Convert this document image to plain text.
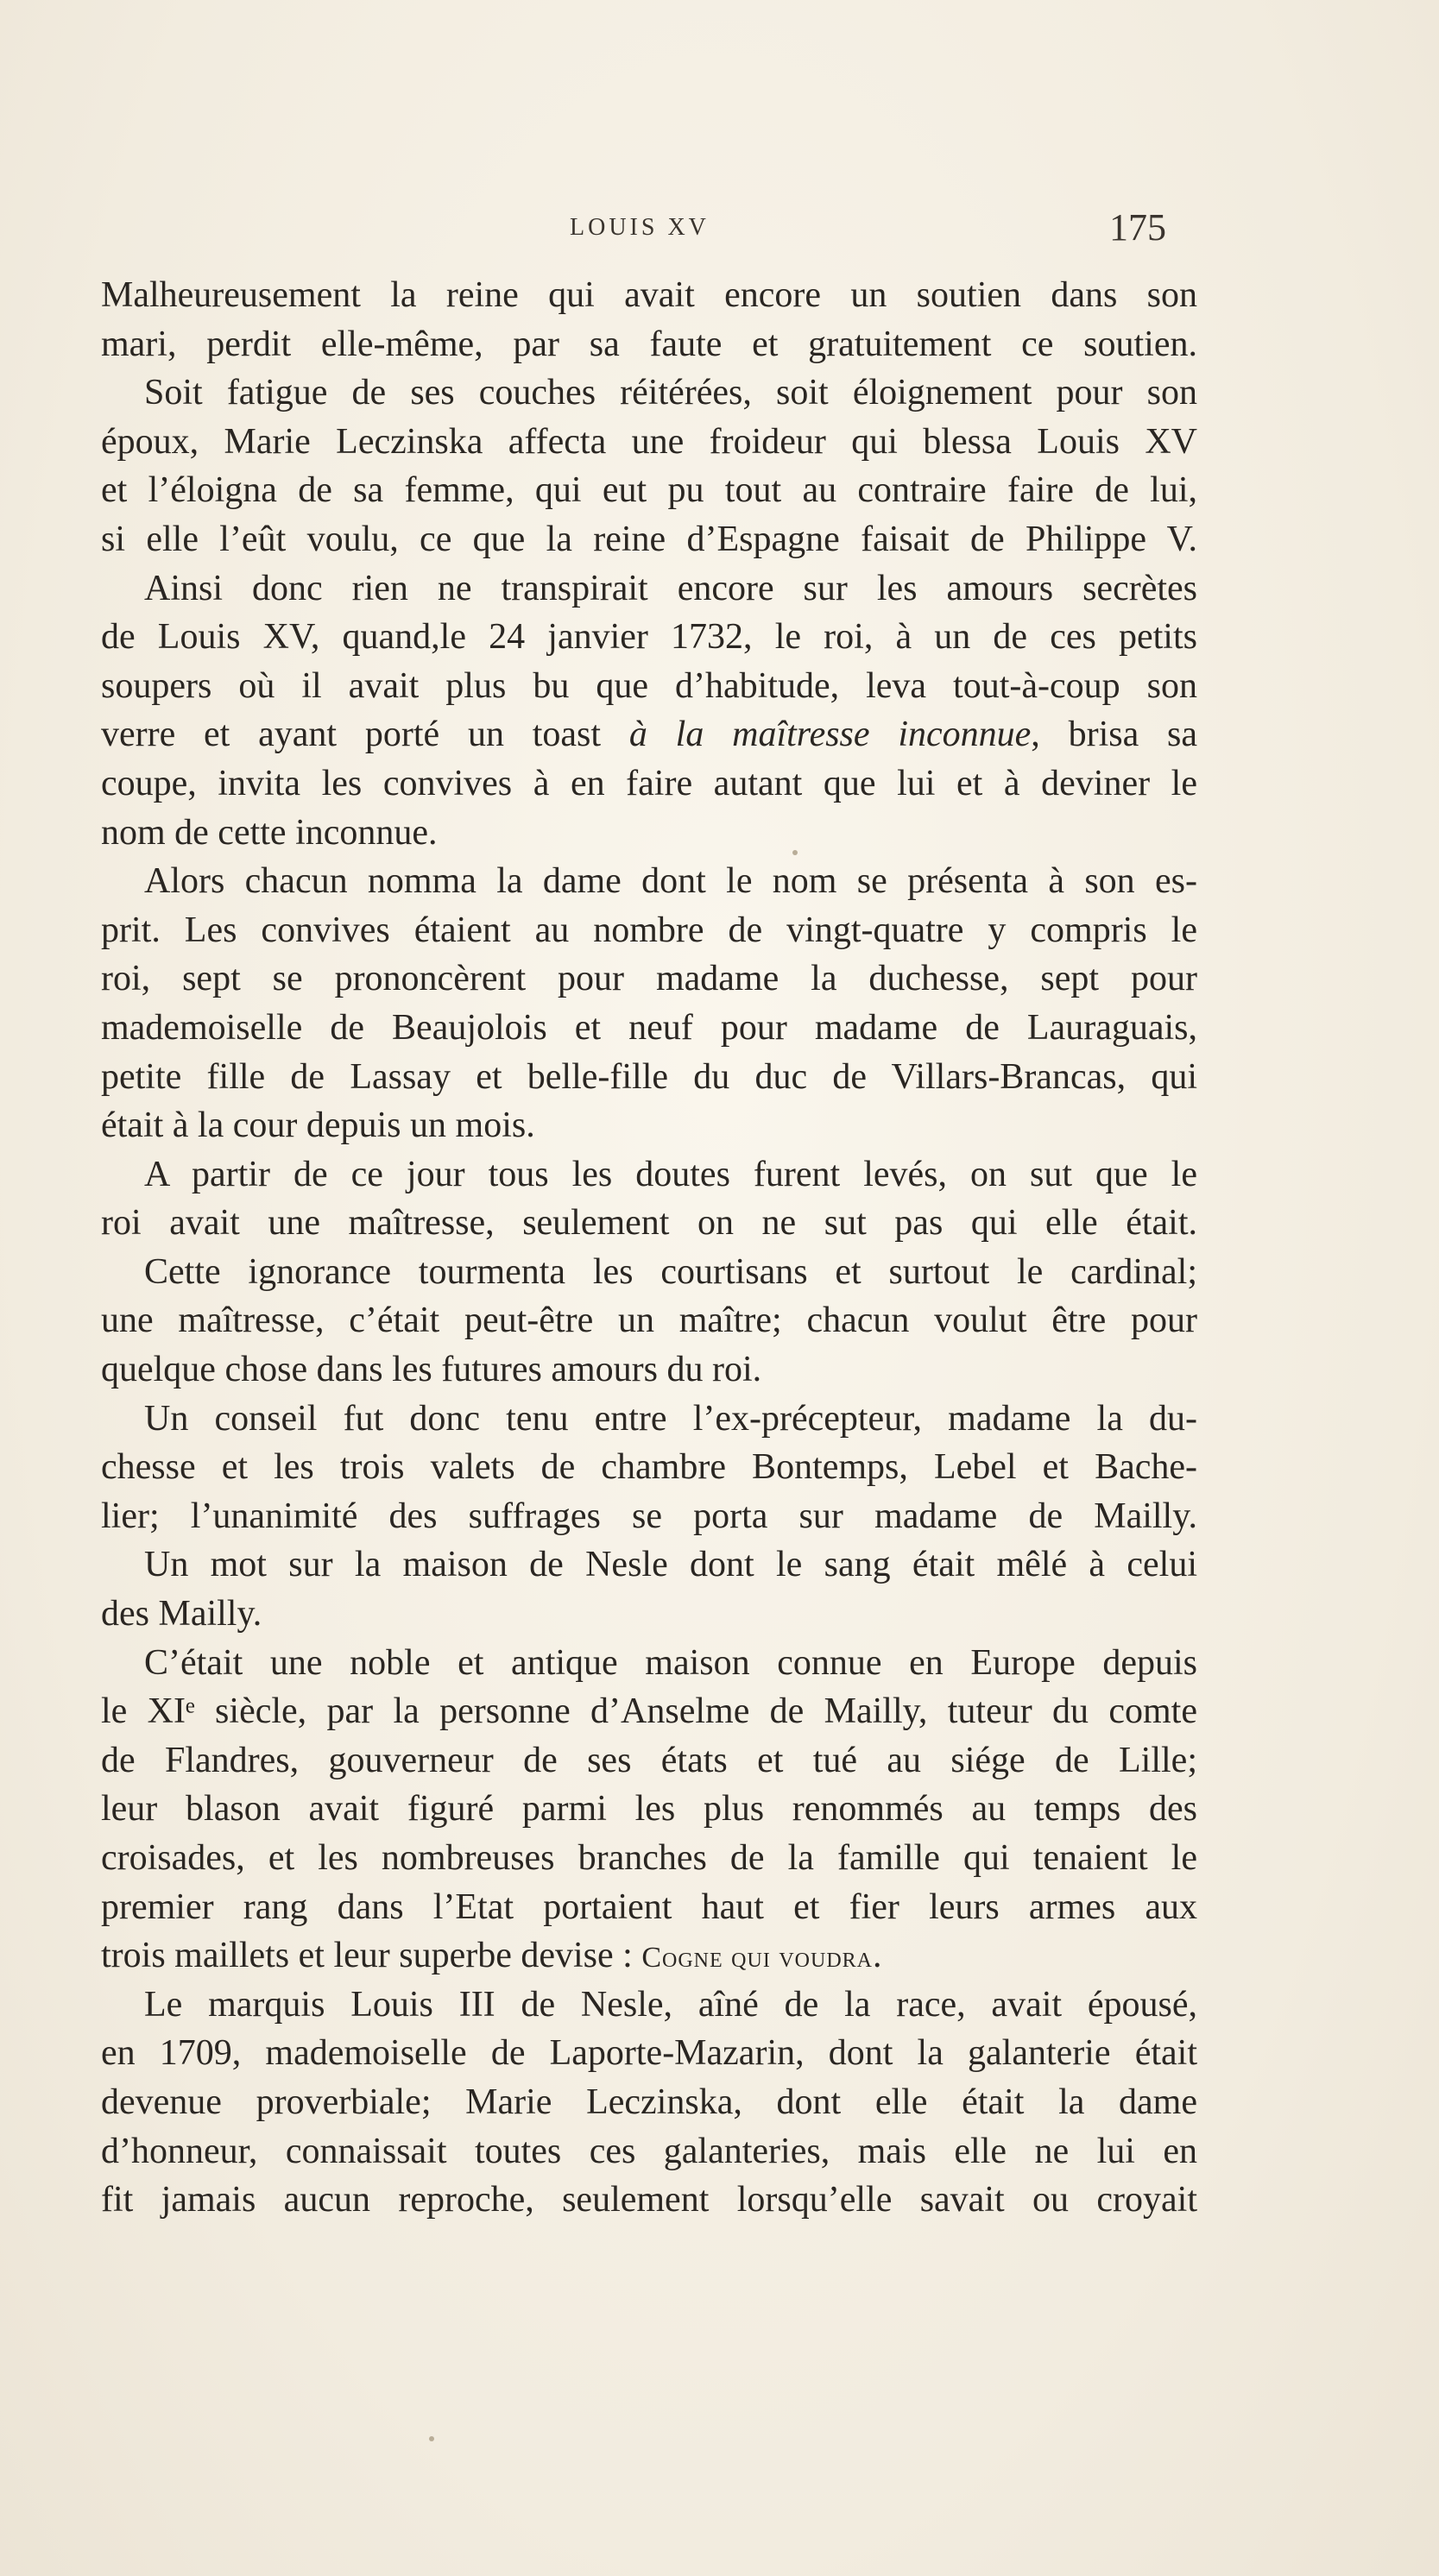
LOUIS XV	175
Malheureusement la reine qui avait encore un soutien dans son
mari, perdit elle-même, par sa faute et gratuitement ce soutien.
Soit fatigue de ses couches réitérées, soit éloignement pour son
époux, Marie Leczinska affecta une froideur qui blessa Louis XV
et l’éloigna de sa femme, qui eut pu tout au contraire faire de lui,
si elle l’eût voulu, ce que la reine d’Espagne faisait de Philippe V.
Ainsi donc rien ne transpirait encore sur les amours secrètes
de Louis XV, quand,le 24 janvier 1732, le roi, à un de ces petits
soupers où il avait plus bu que d’habitude, leva tout-à-coup son
verre et ayant porté un toast à la maîtresse inconnue, brisa sa
coupe, invita les convives à en faire autant que lui et à deviner le
nom de cette inconnue.
Alors chacun nomma la dame dont le nom se présenta à son es-
prit. Les convives étaient au nombre de vingt-quatre y compris le
roi, sept se prononcèrent pour madame la duchesse, sept pour
mademoiselle de Beaujolois et neuf pour madame de Lauraguais,
petite fille de Lassay et belle-fille du duc de Villars-Brancas, qui
était à la cour depuis un mois.
A partir de ce jour tous les doutes furent levés, on sut que le
roi avait une maîtresse, seulement on ne sut pas qui elle était.
Cette ignorance tourmenta les courtisans et surtout le cardinal;
une maîtresse, c’était peut-être un maître; chacun voulut être pour
quelque chose dans les futures amours du roi.
Un conseil fut donc tenu entre l’ex-précepteur, madame la du-
chesse et les trois valets de chambre Bontemps, Lebel et Bache-
lier; l’unanimité des suffrages se porta sur madame de Mailly.
Un mot sur la maison de Nesle dont le sang était mêlé à celui
des Mailly.
C’était une noble et antique maison connue en Europe depuis
le XIᵉ siècle, par la personne d’Anselme de Mailly, tuteur du comte
de Flandres, gouverneur de ses états et tué au siége de Lille;
leur blason avait figuré parmi les plus renommés au temps des
croisades, et les nombreuses branches de la famille qui tenaient le
premier rang dans l’Etat portaient haut et fier leurs armes aux
trois maillets et leur superbe devise : Cogne qui voudra.
Le marquis Louis III de Nesle, aîné de la race, avait épousé,
en 1709, mademoiselle de Laporte-Mazarin, dont la galanterie était
devenue proverbiale; Marie Leczinska, dont elle était la dame
d’honneur, connaissait toutes ces galanteries, mais elle ne lui en
fit jamais aucun reproche, seulement lorsqu’elle savait ou croyait
